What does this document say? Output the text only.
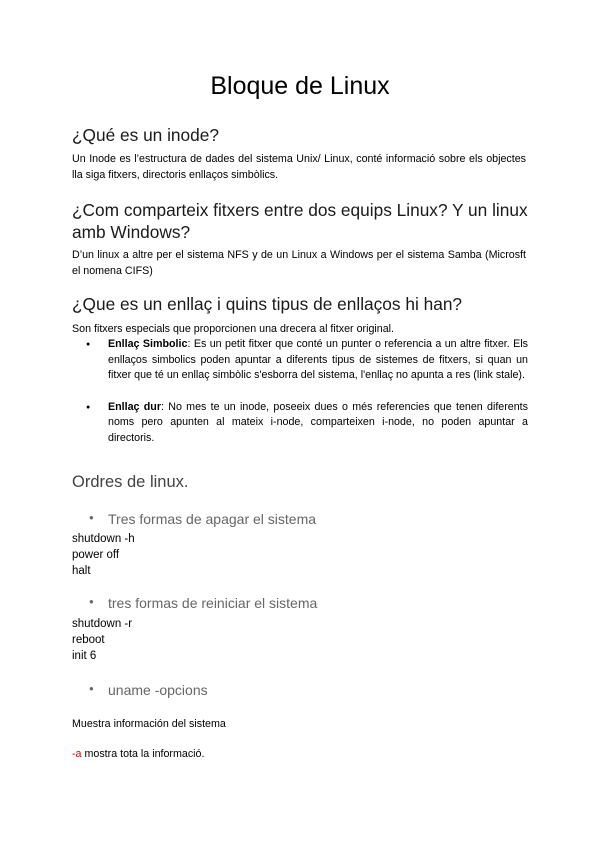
Bloque de Linux
¿Qué es un inode?

Un Inode es l’estructura de dades del sistema Unix/ Linux, conté informació sobre els objectes lla siga fitxers, directoris enllaços simbòlics.

¿Com comparteix fitxers entre dos equips Linux? Y un linux amb Windows?

D’un linux a altre per el sistema NFS y de un Linux a Windows per el sistema Samba (Microsft el nomena CIFS)

¿Que es un enllaç i quins tipus de enllaços hi han?

Son fitxers especials que proporcionen una drecera al fitxer original.

● Enllaç Simbolic: Es un petit fitxer que conté un punter o referencia a un altre fitxer. Els enllaços simbolics poden apuntar a diferents tipus de sistemes de fitxers, si quan un fitxer que té un enllaç simbòlic s'esborra del sistema, l'enllaç no apunta a res (link stale).
● Enllaç dur: No mes te un inode, poseeix dues o més referencies que tenen diferents noms pero apunten al mateix i-node, comparteixen i-node, no poden apuntar a directoris.
Ordres de linux.

● Tres formas de apagar el sistema

shutdown -h
power off
halt

● tres formas de reiniciar el sistema

shutdown -r
reboot
init 6

● uname -opcions

Muestra información del sistema

-a mostra tota la informació.
